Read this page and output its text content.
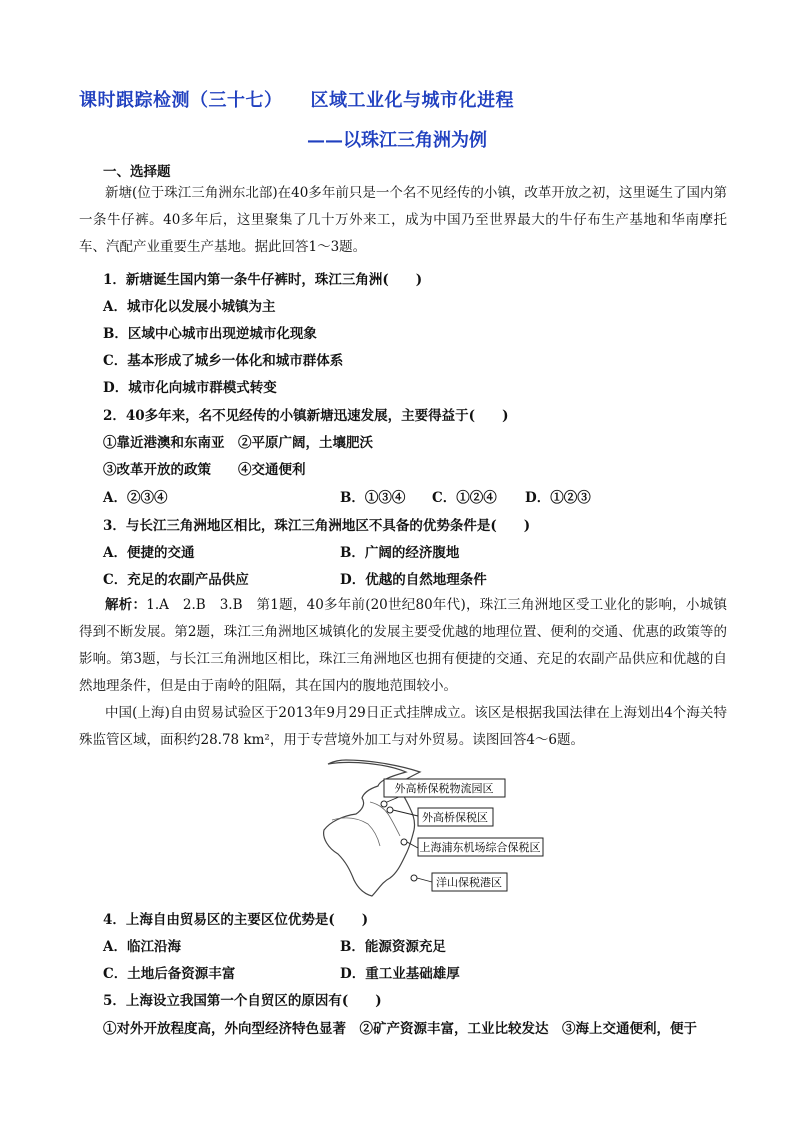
课时跟踪检测（三十七） 区域工业化与城市化进程
——以珠江三角洲为例
一、选择题
新塘(位于珠江三角洲东北部)在40多年前只是一个名不见经传的小镇，改革开放之初，这里诞生了国内第一条牛仔裤。40多年后，这里聚集了几十万外来工，成为中国乃至世界最大的牛仔布生产基地和华南摩托车、汽配产业重要生产基地。据此回答1～3题。
1．新塘诞生国内第一条牛仔裤时，珠江三角洲(　　)
A．城市化以发展小城镇为主
B．区域中心城市出现逆城市化现象
C．基本形成了城乡一体化和城市群体系
D．城市化向城市群模式转变
2．40多年来，名不见经传的小镇新塘迅速发展，主要得益于(　　)
①靠近港澳和东南亚　②平原广阔，土壤肥沃
③改革开放的政策　　④交通便利
A．②③④	B．①③④ C．①②④ D．①②③
3．与长江三角洲地区相比，珠江三角洲地区不具备的优势条件是(　　)
A．便捷的交通	B．广阔的经济腹地
C．充足的农副产品供应	D．优越的自然地理条件
解析：1.A　2.B　3.B　第1题，40多年前(20世纪80年代)，珠江三角洲地区受工业化的影响，小城镇得到不断发展。第2题，珠江三角洲地区城镇化的发展主要受优越的地理位置、便利的交通、优惠的政策等的影响。第3题，与长江三角洲地区相比，珠江三角洲地区也拥有便捷的交通、充足的农副产品供应和优越的自然地理条件，但是由于南岭的阻隔，其在国内的腹地范围较小。
中国(上海)自由贸易试验区于2013年9月29日正式挂牌成立。该区是根据我国法律在上海划出4个海关特殊监管区域，面积约28.78 km²，用于专营境外加工与对外贸易。读图回答4～6题。
外高桥保税物流园区
外高桥保税区
上海浦东机场综合保税区
洋山保税港区
4．上海自由贸易区的主要区位优势是(　　)
A．临江沿海	B．能源资源充足
C．土地后备资源丰富	D．重工业基础雄厚
5．上海设立我国第一个自贸区的原因有(　　)
①对外开放程度高，外向型经济特色显著　②矿产资源丰富，工业比较发达　③海上交通便利，便于
